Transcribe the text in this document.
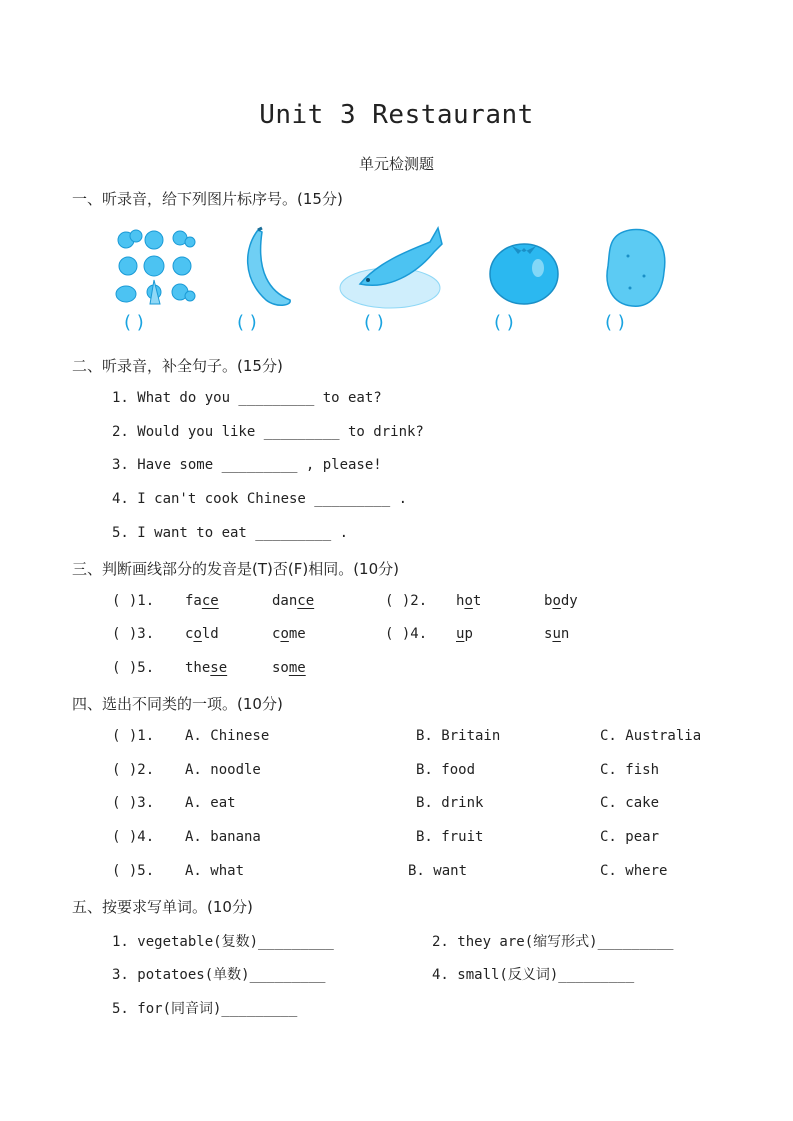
Unit 3 Restaurant
单元检测题
一、听录音，给下列图片标序号。(15分)
( )	( )	( )	( )	( )
二、听录音，补全句子。(15分)
1. What do you _________ to eat?
2. Would you like _________ to drink?
3. Have some _________ , please!
4. I can't cook Chinese _________ .
5. I want to eat _________ .
三、判断画线部分的发音是(T)否(F)相同。(10分)
( )1. face	dance	( )2. hot	body
( )3. cold	come	( )4. up	sun
( )5. these	some
四、选出不同类的一项。(10分)
( )1. A. Chinese	B. Britain	C. Australia
( )2. A. noodle	B. food	C. fish
( )3. A. eat	B. drink	C. cake
( )4. A. banana	B. fruit	C. pear
( )5. A. what	B. want	C. where
五、按要求写单词。(10分)
1. vegetable(复数)_________	2. they are(缩写形式)_________
3. potatoes(单数)_________	4. small(反义词)_________
5. for(同音词)_________
